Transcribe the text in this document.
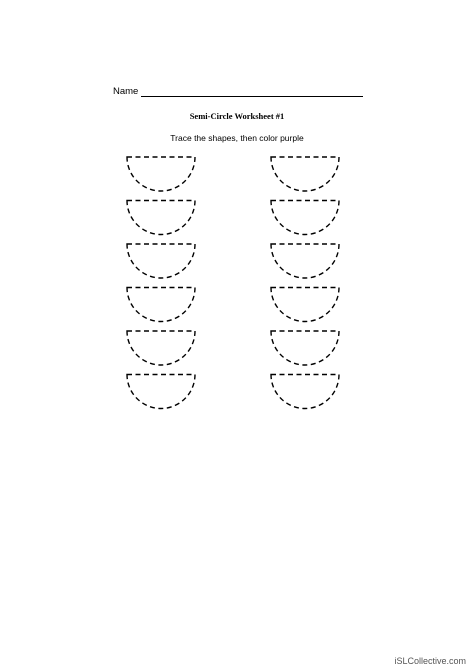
Name
Semi-Circle Worksheet #1
Trace the shapes, then color purple
iSLCollective.com
